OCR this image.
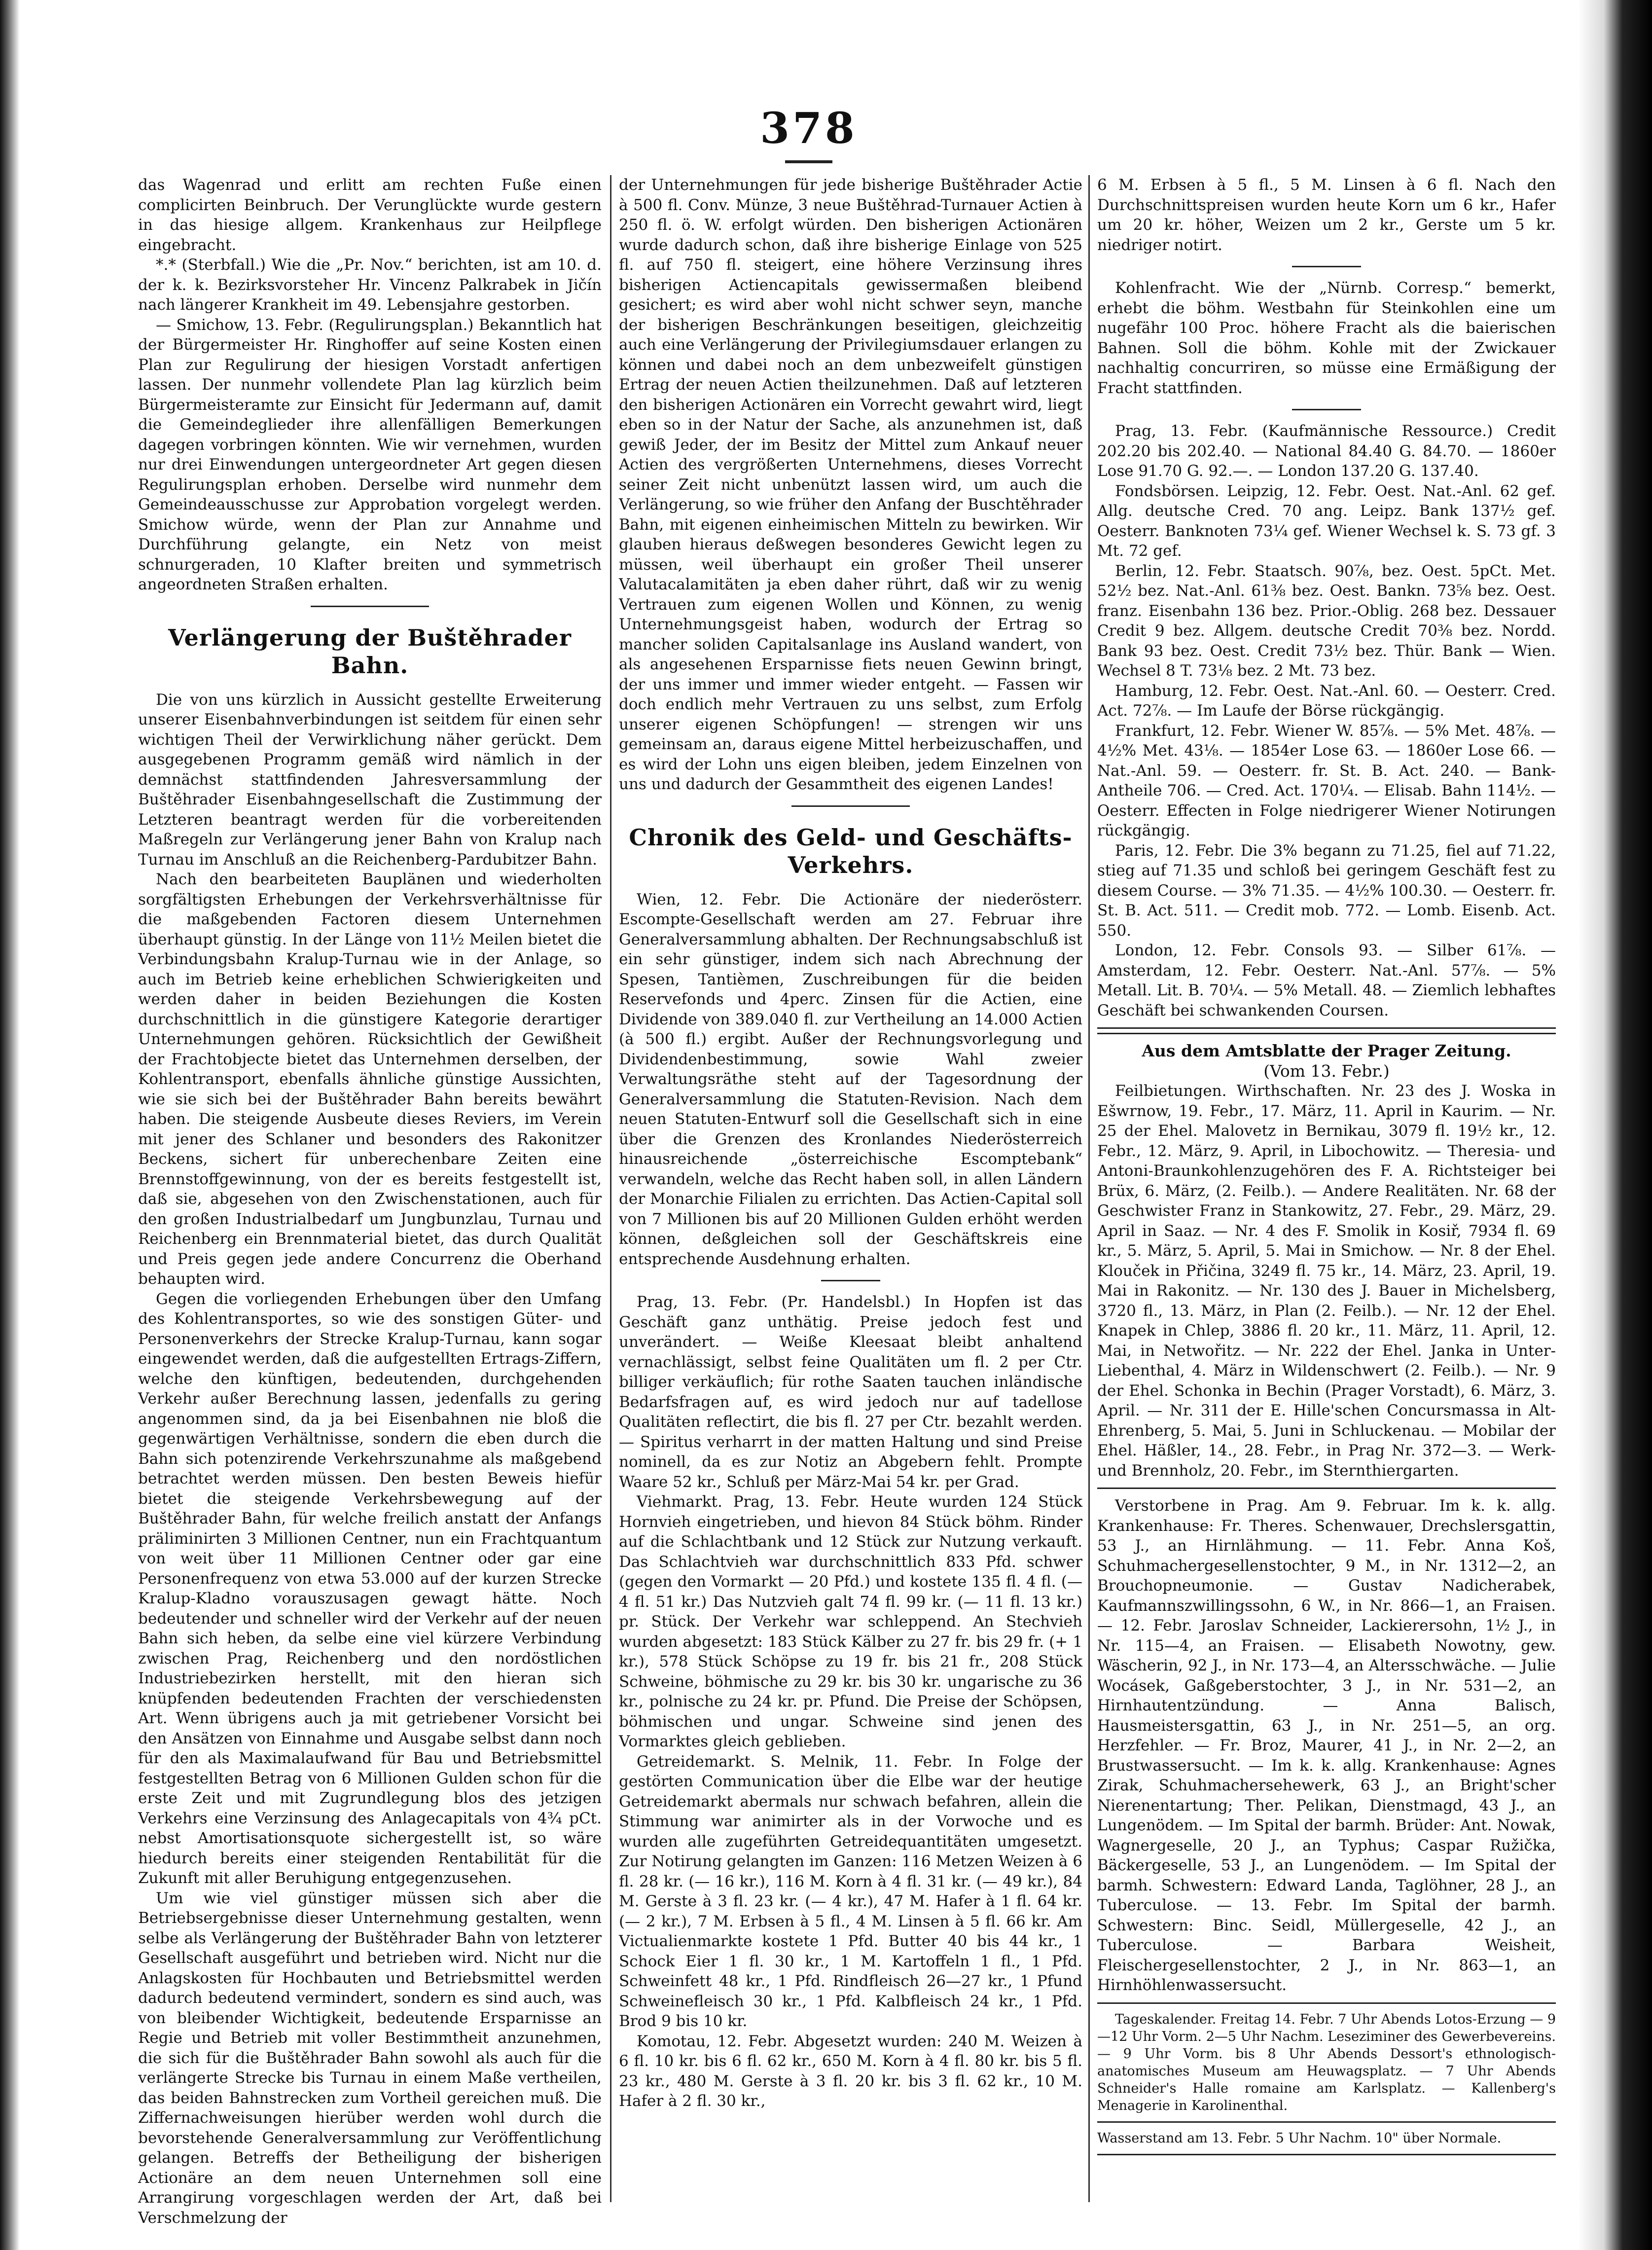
378

das Wagenrad und erlitt am rechten Fuße einen complicirten Beinbruch. Der Verunglückte wurde gestern in das hiesige allgem. Krankenhaus zur Heilpflege eingebracht.

*.* (Sterbfall.) Wie die „Pr. Nov.“ berichten, ist am 10. d. der k. k. Bezirksvorsteher Hr. Vincenz Palkrabek in Jičín nach längerer Krankheit im 49. Lebensjahre gestorben.

— Smichow, 13. Febr. (Regulirungsplan.) Bekanntlich hat der Bürgermeister Hr. Ringhoffer auf seine Kosten einen Plan zur Regulirung der hiesigen Vorstadt anfertigen lassen. Der nunmehr vollendete Plan lag kürzlich beim Bürgermeisteramte zur Einsicht für Jedermann auf, damit die Gemeindeglieder ihre allenfälligen Bemerkungen dagegen vorbringen könnten. Wie wir vernehmen, wurden nur drei Einwendungen untergeordneter Art gegen diesen Regulirungsplan erhoben. Derselbe wird nunmehr dem Gemeindeausschusse zur Approbation vorgelegt werden. Smichow würde, wenn der Plan zur Annahme und Durchführung gelangte, ein Netz von meist schnurgeraden, 10 Klafter breiten und symmetrisch angeordneten Straßen erhalten.

Verlängerung der Buštěhrader Bahn.

Die von uns kürzlich in Aussicht gestellte Erweiterung unserer Eisenbahnverbindungen ist seitdem für einen sehr wichtigen Theil der Verwirklichung näher gerückt. Dem ausgegebenen Programm gemäß wird nämlich in der demnächst stattfindenden Jahresversammlung der Buštěhrader Eisenbahngesellschaft die Zustimmung der Letzteren beantragt werden für die vorbereitenden Maßregeln zur Verlängerung jener Bahn von Kralup nach Turnau im Anschluß an die Reichenberg-Pardubitzer Bahn.

Nach den bearbeiteten Bauplänen und wiederholten sorgfältigsten Erhebungen der Verkehrsverhältnisse für die maßgebenden Factoren diesem Unternehmen überhaupt günstig. In der Länge von 11½ Meilen bietet die Verbindungsbahn Kralup-Turnau wie in der Anlage, so auch im Betrieb keine erheblichen Schwierigkeiten und werden daher in beiden Beziehungen die Kosten durchschnittlich in die günstigere Kategorie derartiger Unternehmungen gehören. Rücksichtlich der Gewißheit der Frachtobjecte bietet das Unternehmen derselben, der Kohlentransport, ebenfalls ähnliche günstige Aussichten, wie sie sich bei der Buštěhrader Bahn bereits bewährt haben. Die steigende Ausbeute dieses Reviers, im Verein mit jener des Schlaner und besonders des Rakonitzer Beckens, sichert für unberechenbare Zeiten eine Brennstoffgewinnung, von der es bereits festgestellt ist, daß sie, abgesehen von den Zwischenstationen, auch für den großen Industrialbedarf um Jungbunzlau, Turnau und Reichenberg ein Brennmaterial bietet, das durch Qualität und Preis gegen jede andere Concurrenz die Oberhand behaupten wird.

Gegen die vorliegenden Erhebungen über den Umfang des Kohlentransportes, so wie des sonstigen Güter- und Personenverkehrs der Strecke Kralup-Turnau, kann sogar eingewendet werden, daß die aufgestellten Ertrags-Ziffern, welche den künftigen, bedeutenden, durchgehenden Verkehr außer Berechnung lassen, jedenfalls zu gering angenommen sind, da ja bei Eisenbahnen nie bloß die gegenwärtigen Verhältnisse, sondern die eben durch die Bahn sich potenzirende Verkehrszunahme als maßgebend betrachtet werden müssen. Den besten Beweis hiefür bietet die steigende Verkehrsbewegung auf der Buštěhrader Bahn, für welche freilich anstatt der Anfangs präliminirten 3 Millionen Centner, nun ein Frachtquantum von weit über 11 Millionen Centner oder gar eine Personenfrequenz von etwa 53.000 auf der kurzen Strecke Kralup-Kladno vorauszusagen gewagt hätte. Noch bedeutender und schneller wird der Verkehr auf der neuen Bahn sich heben, da selbe eine viel kürzere Verbindung zwischen Prag, Reichenberg und den nordöstlichen Industriebezirken herstellt, mit den hieran sich knüpfenden bedeutenden Frachten der verschiedensten Art. Wenn übrigens auch ja mit getriebener Vorsicht bei den Ansätzen von Einnahme und Ausgabe selbst dann noch für den als Maximalaufwand für Bau und Betriebsmittel festgestellten Betrag von 6 Millionen Gulden schon für die erste Zeit und mit Zugrundlegung blos des jetzigen Verkehrs eine Verzinsung des Anlagecapitals von 4¾ pCt. nebst Amortisationsquote sichergestellt ist, so wäre hiedurch bereits einer steigenden Rentabilität für die Zukunft mit aller Beruhigung entgegenzusehen.

Um wie viel günstiger müssen sich aber die Betriebsergebnisse dieser Unternehmung gestalten, wenn selbe als Verlängerung der Buštěhrader Bahn von letzterer Gesellschaft ausgeführt und betrieben wird. Nicht nur die Anlagskosten für Hochbauten und Betriebsmittel werden dadurch bedeutend vermindert, sondern es sind auch, was von bleibender Wichtigkeit, bedeutende Ersparnisse an Regie und Betrieb mit voller Bestimmtheit anzunehmen, die sich für die Buštěhrader Bahn sowohl als auch für die verlängerte Strecke bis Turnau in einem Maße vertheilen, das beiden Bahnstrecken zum Vortheil gereichen muß. Die Ziffernachweisungen hierüber werden wohl durch die bevorstehende Generalversammlung zur Veröffentlichung gelangen. Betreffs der Betheiligung der bisherigen Actionäre an dem neuen Unternehmen soll eine Arrangirung vorgeschlagen werden der Art, daß bei Verschmelzung der

der Unternehmungen für jede bisherige Buštěhrader Actie à 500 fl. Conv. Münze, 3 neue Buštěhrad-Turnauer Actien à 250 fl. ö. W. erfolgt würden. Den bisherigen Actionären wurde dadurch schon, daß ihre bisherige Einlage von 525 fl. auf 750 fl. steigert, eine höhere Verzinsung ihres bisherigen Actiencapitals gewissermaßen bleibend gesichert; es wird aber wohl nicht schwer seyn, manche der bisherigen Beschränkungen beseitigen, gleichzeitig auch eine Verlängerung der Privilegiumsdauer erlangen zu können und dabei noch an dem unbezweifelt günstigen Ertrag der neuen Actien theilzunehmen. Daß auf letzteren den bisherigen Actionären ein Vorrecht gewahrt wird, liegt eben so in der Natur der Sache, als anzunehmen ist, daß gewiß Jeder, der im Besitz der Mittel zum Ankauf neuer Actien des vergrößerten Unternehmens, dieses Vorrecht seiner Zeit nicht unbenützt lassen wird, um auch die Verlängerung, so wie früher den Anfang der Buschtěhrader Bahn, mit eigenen einheimischen Mitteln zu bewirken. Wir glauben hieraus deßwegen besonderes Gewicht legen zu müssen, weil überhaupt ein großer Theil unserer Valutacalamitäten ja eben daher rührt, daß wir zu wenig Vertrauen zum eigenen Wollen und Können, zu wenig Unternehmungsgeist haben, wodurch der Ertrag so mancher soliden Capitalsanlage ins Ausland wandert, von als angesehenen Ersparnisse fiets neuen Gewinn bringt, der uns immer und immer wieder entgeht. — Fassen wir doch endlich mehr Vertrauen zu uns selbst, zum Erfolg unserer eigenen Schöpfungen! — strengen wir uns gemeinsam an, daraus eigene Mittel herbeizuschaffen, und es wird der Lohn uns eigen bleiben, jedem Einzelnen von uns und dadurch der Gesammtheit des eigenen Landes!

Chronik des Geld- und Geschäfts-Verkehrs.

Wien, 12. Febr. Die Actionäre der niederösterr. Escompte-Gesellschaft werden am 27. Februar ihre Generalversammlung abhalten. Der Rechnungsabschluß ist ein sehr günstiger, indem sich nach Abrechnung der Spesen, Tantièmen, Zuschreibungen für die beiden Reservefonds und 4perc. Zinsen für die Actien, eine Dividende von 389.040 fl. zur Vertheilung an 14.000 Actien (à 500 fl.) ergibt. Außer der Rechnungsvorlegung und Dividendenbestimmung, sowie Wahl zweier Verwaltungsräthe steht auf der Tagesordnung der Generalversammlung die Statuten-Revision. Nach dem neuen Statuten-Entwurf soll die Gesellschaft sich in eine über die Grenzen des Kronlandes Niederösterreich hinausreichende „österreichische Escomptebank“ verwandeln, welche das Recht haben soll, in allen Ländern der Monarchie Filialen zu errichten. Das Actien-Capital soll von 7 Millionen bis auf 20 Millionen Gulden erhöht werden können, deßgleichen soll der Geschäftskreis eine entsprechende Ausdehnung erhalten.

Prag, 13. Febr. (Pr. Handelsbl.) In Hopfen ist das Geschäft ganz unthätig. Preise jedoch fest und unverändert. — Weiße Kleesaat bleibt anhaltend vernachlässigt, selbst feine Qualitäten um fl. 2 per Ctr. billiger verkäuflich; für rothe Saaten tauchen inländische Bedarfsfragen auf, es wird jedoch nur auf tadellose Qualitäten reflectirt, die bis fl. 27 per Ctr. bezahlt werden. — Spiritus verharrt in der matten Haltung und sind Preise nominell, da es zur Notiz an Abgebern fehlt. Prompte Waare 52 kr., Schluß per März-Mai 54 kr. per Grad.

Viehmarkt. Prag, 13. Febr. Heute wurden 124 Stück Hornvieh eingetrieben, und hievon 84 Stück böhm. Rinder auf die Schlachtbank und 12 Stück zur Nutzung verkauft. Das Schlachtvieh war durchschnittlich 833 Pfd. schwer (gegen den Vormarkt — 20 Pfd.) und kostete 135 fl. 4 fl. (— 4 fl. 51 kr.) Das Nutzvieh galt 74 fl. 99 kr. (— 11 fl. 13 kr.) pr. Stück. Der Verkehr war schleppend. An Stechvieh wurden abgesetzt: 183 Stück Kälber zu 27 fr. bis 29 fr. (+ 1 kr.), 578 Stück Schöpse zu 19 fr. bis 21 fr., 208 Stück Schweine, böhmische zu 29 kr. bis 30 kr. ungarische zu 36 kr., polnische zu 24 kr. pr. Pfund. Die Preise der Schöpsen, böhmischen und ungar. Schweine sind jenen des Vormarktes gleich geblieben.

Getreidemarkt. S. Melnik, 11. Febr. In Folge der gestörten Communication über die Elbe war der heutige Getreidemarkt abermals nur schwach befahren, allein die Stimmung war animirter als in der Vorwoche und es wurden alle zugeführten Getreidequantitäten umgesetzt. Zur Notirung gelangten im Ganzen: 116 Metzen Weizen à 6 fl. 28 kr. (— 16 kr.), 116 M. Korn à 4 fl. 31 kr. (— 49 kr.), 84 M. Gerste à 3 fl. 23 kr. (— 4 kr.), 47 M. Hafer à 1 fl. 64 kr. (— 2 kr.), 7 M. Erbsen à 5 fl., 4 M. Linsen à 5 fl. 66 kr. Am Victualienmarkte kostete 1 Pfd. Butter 40 bis 44 kr., 1 Schock Eier 1 fl. 30 kr., 1 M. Kartoffeln 1 fl., 1 Pfd. Schweinfett 48 kr., 1 Pfd. Rindfleisch 26—27 kr., 1 Pfund Schweinefleisch 30 kr., 1 Pfd. Kalbfleisch 24 kr., 1 Pfd. Brod 9 bis 10 kr.

Komotau, 12. Febr. Abgesetzt wurden: 240 M. Weizen à 6 fl. 10 kr. bis 6 fl. 62 kr., 650 M. Korn à 4 fl. 80 kr. bis 5 fl. 23 kr., 480 M. Gerste à 3 fl. 20 kr. bis 3 fl. 62 kr., 10 M. Hafer à 2 fl. 30 kr.,

6 M. Erbsen à 5 fl., 5 M. Linsen à 6 fl. Nach den Durchschnittspreisen wurden heute Korn um 6 kr., Hafer um 20 kr. höher, Weizen um 2 kr., Gerste um 5 kr. niedriger notirt.

Kohlenfracht. Wie der „Nürnb. Corresp.“ bemerkt, erhebt die böhm. Westbahn für Steinkohlen eine um nugefähr 100 Proc. höhere Fracht als die baierischen Bahnen. Soll die böhm. Kohle mit der Zwickauer nachhaltig concurriren, so müsse eine Ermäßigung der Fracht stattfinden.

Prag, 13. Febr. (Kaufmännische Ressource.) Credit 202.20 bis 202.40. — National 84.40 G. 84.70. — 1860er Lose 91.70 G. 92.—. — London 137.20 G. 137.40.

Fondsbörsen. Leipzig, 12. Febr. Oest. Nat.-Anl. 62 gef. Allg. deutsche Cred. 70 ang. Leipz. Bank 137½ gef. Oesterr. Banknoten 73¼ gef. Wiener Wechsel k. S. 73 gf. 3 Mt. 72 gef.

Berlin, 12. Febr. Staatsch. 90⅞, bez. Oest. 5pCt. Met. 52½ bez. Nat.-Anl. 61⅜ bez. Oest. Bankn. 73⅝ bez. Oest. franz. Eisenbahn 136 bez. Prior.-Oblig. 268 bez. Dessauer Credit 9 bez. Allgem. deutsche Credit 70⅜ bez. Nordd. Bank 93 bez. Oest. Credit 73½ bez. Thür. Bank — Wien. Wechsel 8 T. 73⅛ bez. 2 Mt. 73 bez.

Hamburg, 12. Febr. Oest. Nat.-Anl. 60. — Oesterr. Cred. Act. 72⅞. — Im Laufe der Börse rückgängig.

Frankfurt, 12. Febr. Wiener W. 85⅞. — 5% Met. 48⅞. — 4½% Met. 43⅛. — 1854er Lose 63. — 1860er Lose 66. — Nat.-Anl. 59. — Oesterr. fr. St. B. Act. 240. — Bank-Antheile 706. — Cred. Act. 170¼. — Elisab. Bahn 114½. — Oesterr. Effecten in Folge niedrigerer Wiener Notirungen rückgängig.

Paris, 12. Febr. Die 3% begann zu 71.25, fiel auf 71.22, stieg auf 71.35 und schloß bei geringem Geschäft fest zu diesem Course. — 3% 71.35. — 4½% 100.30. — Oesterr. fr. St. B. Act. 511. — Credit mob. 772. — Lomb. Eisenb. Act. 550.

London, 12. Febr. Consols 93. — Silber 61⅞. — Amsterdam, 12. Febr. Oesterr. Nat.-Anl. 57⅞. — 5% Metall. Lit. B. 70¼. — 5% Metall. 48. — Ziemlich lebhaftes Geschäft bei schwankenden Coursen.

Aus dem Amtsblatte der Prager Zeitung.
(Vom 13. Febr.)

Feilbietungen. Wirthschaften. Nr. 23 des J. Woska in Ešwrnow, 19. Febr., 17. März, 11. April in Kaurim. — Nr. 25 der Ehel. Malovetz in Bernikau, 3079 fl. 19½ kr., 12. Febr., 12. März, 9. April, in Libochowitz. — Theresia- und Antoni-Braunkohlenzugehören des F. A. Richtsteiger bei Brüx, 6. März, (2. Feilb.). — Andere Realitäten. Nr. 68 der Geschwister Franz in Stankowitz, 27. Febr., 29. März, 29. April in Saaz. — Nr. 4 des F. Smolik in Kosiř, 7934 fl. 69 kr., 5. März, 5. April, 5. Mai in Smichow. — Nr. 8 der Ehel. Klouček in Přičina, 3249 fl. 75 kr., 14. März, 23. April, 19. Mai in Rakonitz. — Nr. 130 des J. Bauer in Michelsberg, 3720 fl., 13. März, in Plan (2. Feilb.). — Nr. 12 der Ehel. Knapek in Chlep, 3886 fl. 20 kr., 11. März, 11. April, 12. Mai, in Netwořitz. — Nr. 222 der Ehel. Janka in Unter-Liebenthal, 4. März in Wildenschwert (2. Feilb.). — Nr. 9 der Ehel. Schonka in Bechin (Prager Vorstadt), 6. März, 3. April. — Nr. 311 der E. Hille'schen Concursmassa in Alt-Ehrenberg, 5. Mai, 5. Juni in Schluckenau. — Mobilar der Ehel. Häßler, 14., 28. Febr., in Prag Nr. 372—3. — Werk- und Brennholz, 20. Febr., im Sternthiergarten.

Verstorbene in Prag. Am 9. Februar. Im k. k. allg. Krankenhause: Fr. Theres. Schenwauer, Drechslersgattin, 53 J., an Hirnlähmung. — 11. Febr. Anna Koš, Schuhmachergesellenstochter, 9 M., in Nr. 1312—2, an Brouchopneumonie. — Gustav Nadicherabek, Kaufmannszwillingssohn, 6 W., in Nr. 866—1, an Fraisen. — 12. Febr. Jaroslav Schneider, Lackierersohn, 1½ J., in Nr. 115—4, an Fraisen. — Elisabeth Nowotny, gew. Wäscherin, 92 J., in Nr. 173—4, an Altersschwäche. — Julie Wocásek, Gaßgeberstochter, 3 J., in Nr. 531—2, an Hirnhautentzündung. — Anna Balisch, Hausmeistersgattin, 63 J., in Nr. 251—5, an org. Herzfehler. — Fr. Broz, Maurer, 41 J., in Nr. 2—2, an Brustwassersucht. — Im k. k. allg. Krankenhause: Agnes Zirak, Schuhmachersehewerk, 63 J., an Bright'scher Nierenentartung; Ther. Pelikan, Dienstmagd, 43 J., an Lungenödem. — Im Spital der barmh. Brüder: Ant. Nowak, Wagnergeselle, 20 J., an Typhus; Caspar Ružička, Bäckergeselle, 53 J., an Lungenödem. — Im Spital der barmh. Schwestern: Edward Landa, Taglöhner, 28 J., an Tuberculose. — 13. Febr. Im Spital der barmh. Schwestern: Binc. Seidl, Müllergeselle, 42 J., an Tuberculose. — Barbara Weisheit, Fleischergesellenstochter, 2 J., in Nr. 863—1, an Hirnhöhlenwassersucht.

Tageskalender. Freitag 14. Febr. 7 Uhr Abends Lotos-Erzung — 9—12 Uhr Vorm. 2—5 Uhr Nachm. Leseziminer des Gewerbevereins. — 9 Uhr Vorm. bis 8 Uhr Abends Dessort's ethnologisch-anatomisches Museum am Heuwagsplatz. — 7 Uhr Abends Schneider's Halle romaine am Karlsplatz. — Kallenberg's Menagerie in Karolinenthal.

Wasserstand am 13. Febr. 5 Uhr Nachm. 10" über Normale.
